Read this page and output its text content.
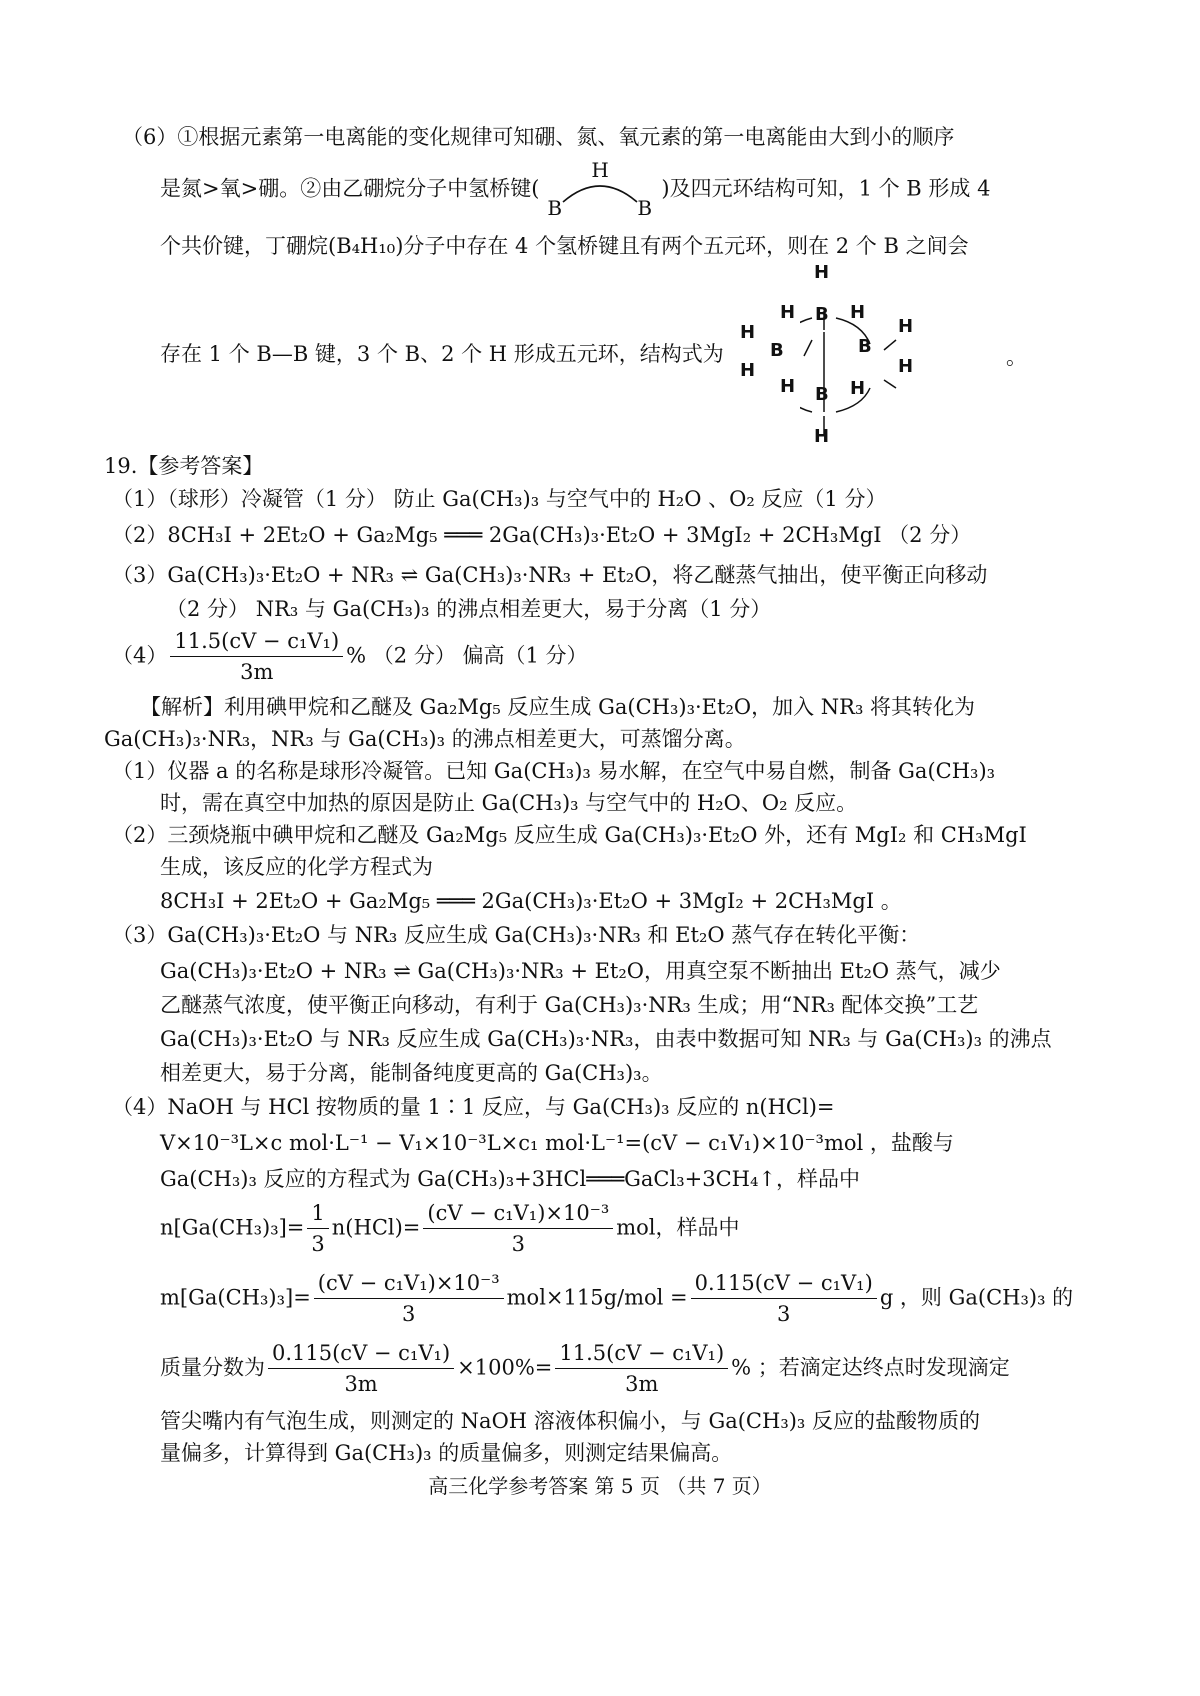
（6）①根据元素第一电离能的变化规律可知硼、氮、氧元素的第一电离能由大到小的顺序
是氮>氧>硼。②由乙硼烷分子中氢桥键(
H
B	B
)及四元环结构可知，1 个 B 形成 4
个共价键，丁硼烷(B₄H₁₀)分子中存在 4 个氢桥键且有两个五元环，则在 2 个 B 之间会
存在 1 个 B—B 键，3 个 B、2 个 H 形成五元环，结构式为
H
B
H	H
B	B
H
H
H
H
H	H
B
H
。
19.【参考答案】
（1）（球形）冷凝管（1 分） 防止 Ga(CH₃)₃ 与空气中的 H₂O 、O₂ 反应（1 分）
（2）8CH₃I + 2Et₂O + Ga₂Mg₅ ═══ 2Ga(CH₃)₃·Et₂O + 3MgI₂ + 2CH₃MgI （2 分）
（3）Ga(CH₃)₃·Et₂O + NR₃ ⇌ Ga(CH₃)₃·NR₃ + Et₂O，将乙醚蒸气抽出，使平衡正向移动
（2 分） NR₃ 与 Ga(CH₃)₃ 的沸点相差更大，易于分离（1 分）
$(4) \frac{\text{11.5(cV − c₁V₁)}}{3m}$ % （2 分） 偏高（1 分）
【解析】利用碘甲烷和乙醚及 Ga₂Mg₅ 反应生成 Ga(CH₃)₃·Et₂O，加入 NR₃ 将其转化为
Ga(CH₃)₃·NR₃，NR₃ 与 Ga(CH₃)₃ 的沸点相差更大，可蒸馏分离。
（1）仪器 a 的名称是球形冷凝管。已知 Ga(CH₃)₃ 易水解，在空气中易自燃，制备 Ga(CH₃)₃
时，需在真空中加热的原因是防止 Ga(CH₃)₃ 与空气中的 H₂O、O₂ 反应。
（2）三颈烧瓶中碘甲烷和乙醚及 Ga₂Mg₅ 反应生成 Ga(CH₃)₃·Et₂O 外，还有 MgI₂ 和 CH₃MgI
生成，该反应的化学方程式为
8CH₃I + 2Et₂O + Ga₂Mg₅ ═══ 2Ga(CH₃)₃·Et₂O + 3MgI₂ + 2CH₃MgI 。
（3）Ga(CH₃)₃·Et₂O 与 NR₃ 反应生成 Ga(CH₃)₃·NR₃ 和 Et₂O 蒸气存在转化平衡：
Ga(CH₃)₃·Et₂O + NR₃ ⇌ Ga(CH₃)₃·NR₃ + Et₂O，用真空泵不断抽出 Et₂O 蒸气，减少
乙醚蒸气浓度，使平衡正向移动，有利于 Ga(CH₃)₃·NR₃ 生成；用“NR₃ 配体交换”工艺
Ga(CH₃)₃·Et₂O 与 NR₃ 反应生成 Ga(CH₃)₃·NR₃，由表中数据可知 NR₃ 与 Ga(CH₃)₃ 的沸点
相差更大，易于分离，能制备纯度更高的 Ga(CH₃)₃。
（4）NaOH 与 HCl 按物质的量 1∶1 反应，与 Ga(CH₃)₃ 反应的 n(HCl)=
V×10⁻³L×c mol·L⁻¹ − V₁×10⁻³L×c₁ mol·L⁻¹=(cV − c₁V₁)×10⁻³mol ，盐酸与
Ga(CH₃)₃ 反应的方程式为 Ga(CH₃)₃+3HCl═══GaCl₃+3CH₄↑，样品中
$n[Ga(CH_3)_3]= \frac{1}{3} n(HCl)= \frac{\text{(cV − c₁V₁)×10⁻³}}{3}$ mol，样品中
$m[Ga(CH_3)_3]= \frac{\text{(cV − c₁V₁)×10⁻³}}{3} mol\times 115g/mol = \frac{\text{0.115(cV − c₁V₁)}}{3}$ g ，则 Ga(CH₃)₃ 的
质量分数为 $\frac{\text{0.115(cV − c₁V₁)}}{3m} \times 100\%= \frac{\text{11.5(cV − c₁V₁)}}{3m}$ % ；若滴定达终点时发现滴定
管尖嘴内有气泡生成，则测定的 NaOH 溶液体积偏小，与 Ga(CH₃)₃ 反应的盐酸物质的
量偏多，计算得到 Ga(CH₃)₃ 的质量偏多，则测定结果偏高。
高三化学参考答案 第 5 页 （共 7 页）
